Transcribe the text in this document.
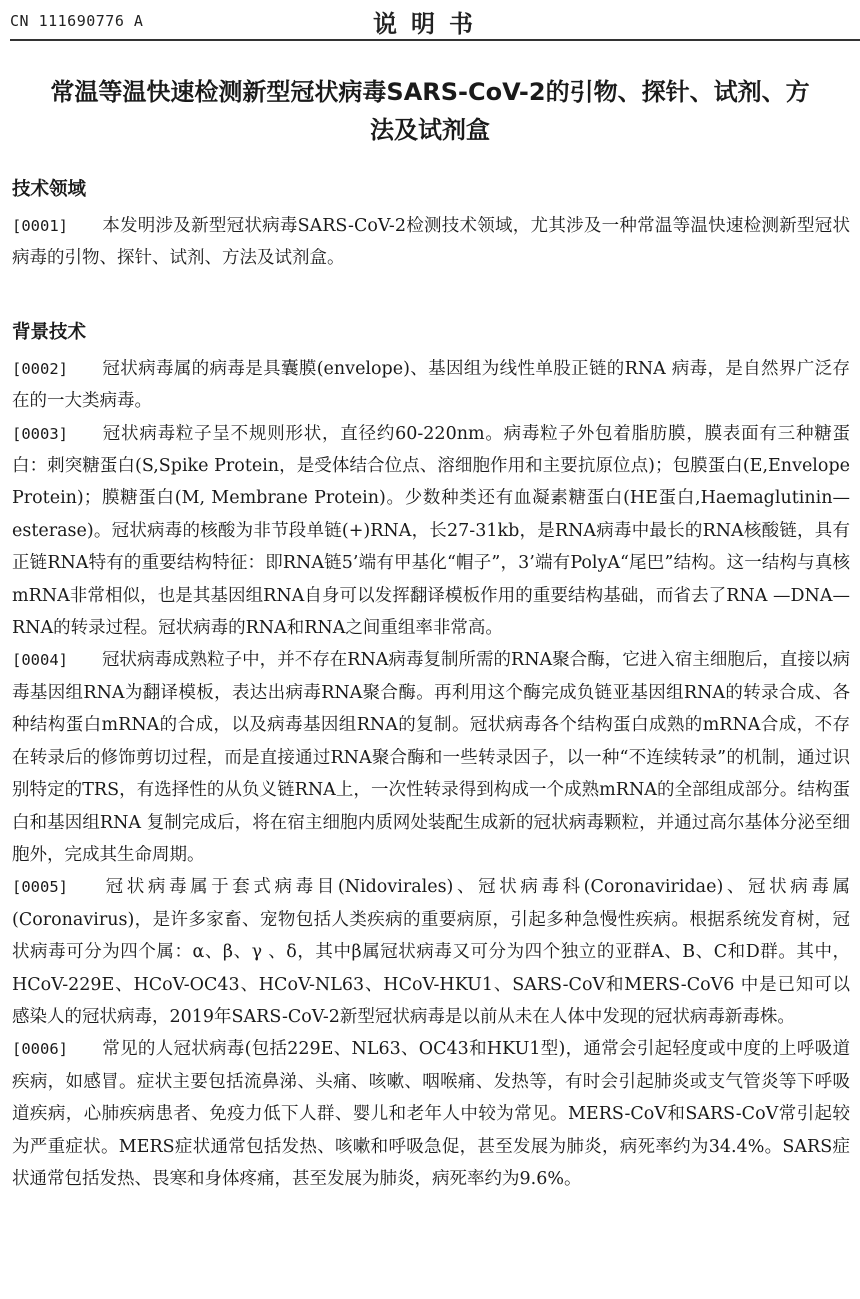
CN 111690776 A	说明书
常温等温快速检测新型冠状病毒SARS-CoV-2的引物、探针、试剂、方法及试剂盒
技术领域

[0001] 本发明涉及新型冠状病毒SARS-CoV-2检测技术领域，尤其涉及一种常温等温快速检测新型冠状病毒的引物、探针、试剂、方法及试剂盒。

背景技术

[0002] 冠状病毒属的病毒是具囊膜(envelope)、基因组为线性单股正链的RNA 病毒，是自然界广泛存在的一大类病毒。

[0003] 冠状病毒粒子呈不规则形状，直径约60-220nm。病毒粒子外包着脂肪膜，膜表面有三种糖蛋白：刺突糖蛋白(S,Spike Protein，是受体结合位点、溶细胞作用和主要抗原位点)；包膜蛋白(E,Envelope Protein)；膜糖蛋白(M, Membrane Protein)。少数种类还有血凝素糖蛋白(HE蛋白,Haemaglutinin— esterase)。冠状病毒的核酸为非节段单链(+)RNA，长27-31kb，是RNA病毒中最长的RNA核酸链，具有正链RNA特有的重要结构特征：即RNA链5’端有甲基化“帽子”，3’端有PolyA“尾巴”结构。这一结构与真核mRNA非常相似，也是其基因组RNA自身可以发挥翻译模板作用的重要结构基础，而省去了RNA —DNA—RNA的转录过程。冠状病毒的RNA和RNA之间重组率非常高。

[0004] 冠状病毒成熟粒子中，并不存在RNA病毒复制所需的RNA聚合酶，它进入宿主细胞后，直接以病毒基因组RNA为翻译模板，表达出病毒RNA聚合酶。再利用这个酶完成负链亚基因组RNA的转录合成、各种结构蛋白mRNA的合成，以及病毒基因组RNA的复制。冠状病毒各个结构蛋白成熟的mRNA合成，不存在转录后的修饰剪切过程，而是直接通过RNA聚合酶和一些转录因子，以一种“不连续转录”的机制，通过识别特定的TRS，有选择性的从负义链RNA上，一次性转录得到构成一个成熟mRNA的全部组成部分。结构蛋白和基因组RNA 复制完成后，将在宿主细胞内质网处装配生成新的冠状病毒颗粒，并通过高尔基体分泌至细胞外，完成其生命周期。

[0005] 冠状病毒属于套式病毒目(Nidovirales)、冠状病毒科(Coronaviridae)、冠状病毒属(Coronavirus)，是许多家畜、宠物包括人类疾病的重要病原，引起多种急慢性疾病。根据系统发育树，冠状病毒可分为四个属：α、β、γ 、δ，其中β属冠状病毒又可分为四个独立的亚群A、B、C和D群。其中， HCoV-229E、HCoV-OC43、HCoV-NL63、HCoV-HKU1、SARS-CoV和MERS-CoV6 中是已知可以感染人的冠状病毒，2019年SARS-CoV-2新型冠状病毒是以前从未在人体中发现的冠状病毒新毒株。

[0006] 常见的人冠状病毒(包括229E、NL63、OC43和HKU1型)，通常会引起轻度或中度的上呼吸道疾病，如感冒。症状主要包括流鼻涕、头痛、咳嗽、咽喉痛、发热等，有时会引起肺炎或支气管炎等下呼吸道疾病，心肺疾病患者、免疫力低下人群、婴儿和老年人中较为常见。MERS-CoV和SARS-CoV常引起较为严重症状。MERS症状通常包括发热、咳嗽和呼吸急促，甚至发展为肺炎，病死率约为34.4%。SARS症状通常包括发热、畏寒和身体疼痛，甚至发展为肺炎，病死率约为9.6%。
